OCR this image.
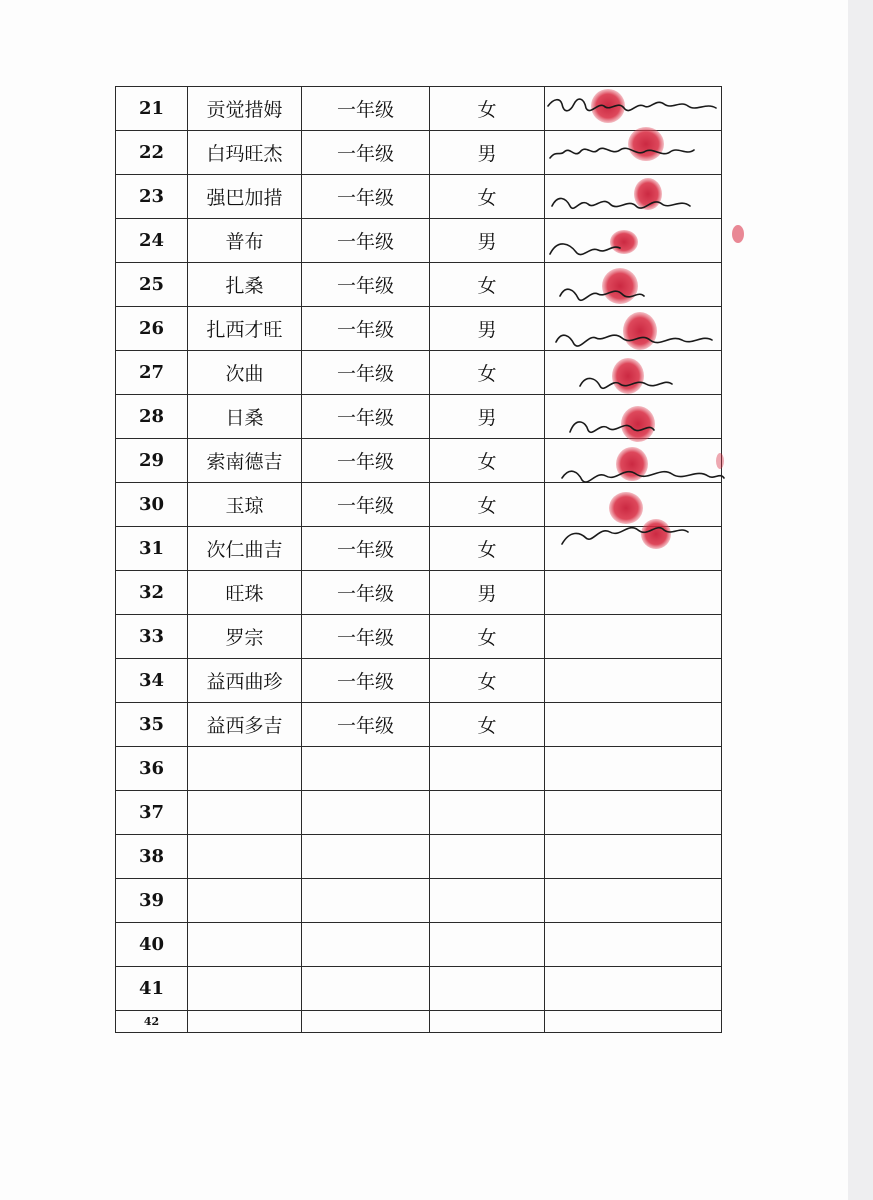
21	贡觉措姆	一年级	女	
22	白玛旺杰	一年级	男	
23	强巴加措	一年级	女	
24	普布	一年级	男	
25	扎桑	一年级	女	
26	扎西才旺	一年级	男	
27	次曲	一年级	女	
28	日桑	一年级	男	
29	索南德吉	一年级	女	
30	玉琼	一年级	女	
31	次仁曲吉	一年级	女	
32	旺珠	一年级	男	
33	罗宗	一年级	女	
34	益西曲珍	一年级	女	
35	益西多吉	一年级	女	
36				
37				
38				
39				
40				
41				
42				
